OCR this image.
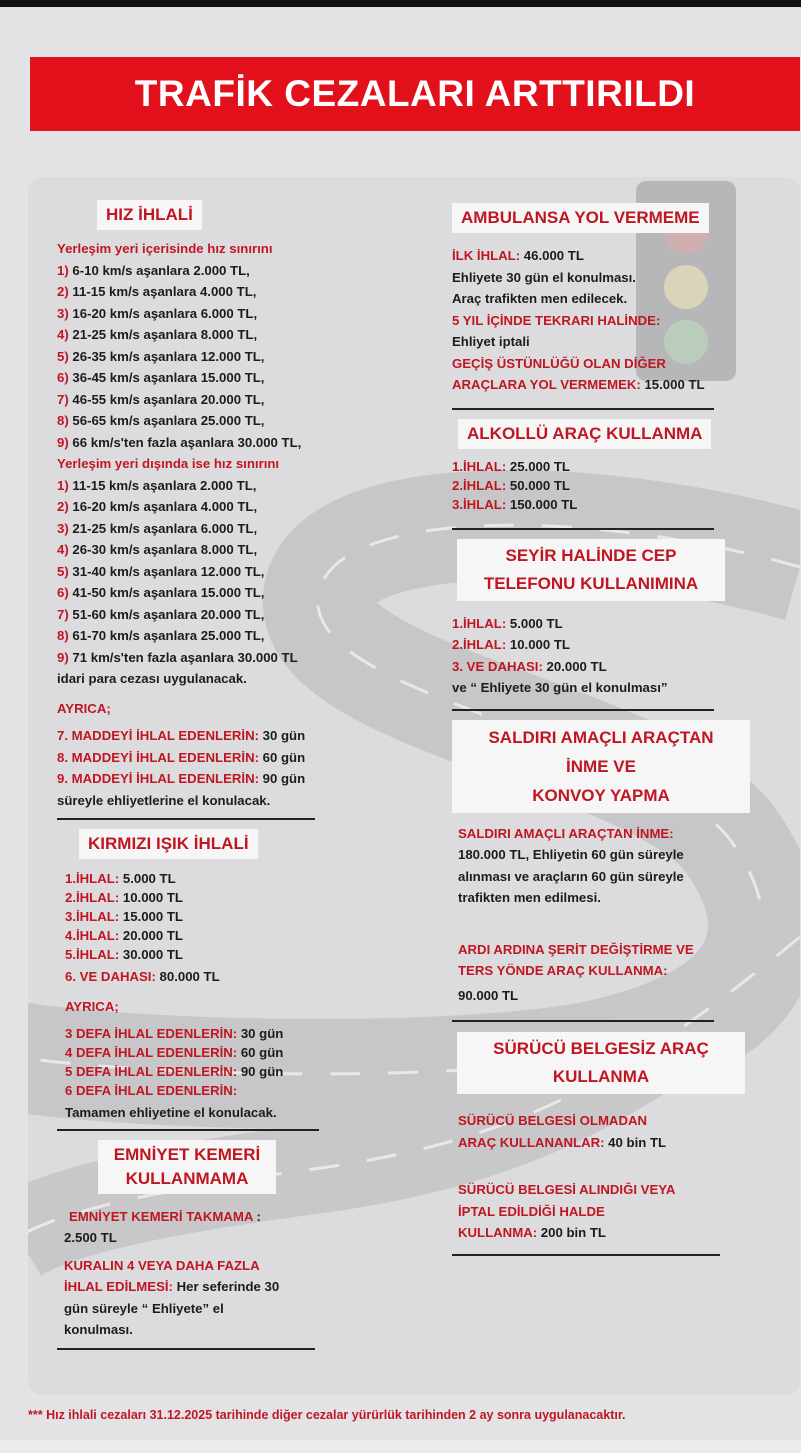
TRAFİK CEZALARI ARTTIRILDI
HIZ İHLALİ
Yerleşim yeri içerisinde hız sınırını
1) 6-10 km/s aşanlara 2.000 TL,
2) 11-15 km/s aşanlara 4.000 TL,
3) 16-20 km/s aşanlara 6.000 TL,
4) 21-25 km/s aşanlara 8.000 TL,
5) 26-35 km/s aşanlara 12.000 TL,
6) 36-45 km/s aşanlara 15.000 TL,
7) 46-55 km/s aşanlara 20.000 TL,
8) 56-65 km/s aşanlara 25.000 TL,
9) 66 km/s'ten fazla aşanlara 30.000 TL,
Yerleşim yeri dışında ise hız sınırını
1) 11-15 km/s aşanlara 2.000 TL,
2) 16-20 km/s aşanlara 4.000 TL,
3) 21-25 km/s aşanlara 6.000 TL,
4) 26-30 km/s aşanlara 8.000 TL,
5) 31-40 km/s aşanlara 12.000 TL,
6) 41-50 km/s aşanlara 15.000 TL,
7) 51-60 km/s aşanlara 20.000 TL,
8) 61-70 km/s aşanlara 25.000 TL,
9) 71 km/s'ten fazla aşanlara 30.000 TL
idari para cezası uygulanacak.
AYRICA;
7. MADDEYİ İHLAL EDENLERİN: 30 gün
8. MADDEYİ İHLAL EDENLERİN: 60 gün
9. MADDEYİ İHLAL EDENLERİN: 90 gün
süreyle ehliyetlerine el konulacak.
KIRMIZI IŞIK İHLALİ
1.İHLAL: 5.000 TL
2.İHLAL: 10.000 TL
3.İHLAL: 15.000 TL
4.İHLAL: 20.000 TL
5.İHLAL: 30.000 TL
6. VE DAHASI: 80.000 TL
AYRICA;
3 DEFA İHLAL EDENLERİN: 30 gün
4 DEFA İHLAL EDENLERİN: 60 gün
5 DEFA İHLAL EDENLERİN: 90 gün
6 DEFA İHLAL EDENLERİN:
Tamamen ehliyetine el konulacak.
EMNİYET KEMERİ
KULLANMAMA
EMNİYET KEMERİ TAKMAMA :
2.500 TL
KURALIN 4 VEYA DAHA FAZLA
İHLAL EDİLMESİ: Her seferinde 30
gün süreyle “ Ehliyete” el
konulması.
AMBULANSA YOL VERMEME
İLK İHLAL: 46.000 TL
Ehliyete 30 gün el konulması.
Araç trafikten men edilecek.
5 YIL İÇİNDE TEKRARI HALİNDE:
Ehliyet iptali
GEÇİŞ ÜSTÜNLÜĞÜ OLAN DİĞER
ARAÇLARA YOL VERMEMEK: 15.000 TL
ALKOLLÜ ARAÇ KULLANMA
1.İHLAL: 25.000 TL
2.İHLAL: 50.000 TL
3.İHLAL: 150.000 TL
SEYİR HALİNDE CEP
TELEFONU KULLANIMINA
1.İHLAL: 5.000 TL
2.İHLAL: 10.000 TL
3. VE DAHASI: 20.000 TL
ve “ Ehliyete 30 gün el konulması”
SALDIRI AMAÇLI ARAÇTAN
İNME VE
KONVOY YAPMA
SALDIRI AMAÇLI ARAÇTAN İNME:
180.000 TL, Ehliyetin 60 gün süreyle
alınması ve araçların 60 gün süreyle
trafikten men edilmesi.
ARDI ARDINA ŞERİT DEĞİŞTİRME VE
TERS YÖNDE ARAÇ KULLANMA:
90.000 TL
SÜRÜCÜ BELGESİZ ARAÇ
KULLANMA
SÜRÜCÜ BELGESİ OLMADAN
ARAÇ KULLANANLAR: 40 bin TL
SÜRÜCÜ BELGESİ ALINDIĞI VEYA
İPTAL EDİLDİĞİ HALDE
KULLANMA: 200 bin TL
*** Hız ihlali cezaları 31.12.2025 tarihinde diğer cezalar yürürlük tarihinden 2 ay sonra uygulanacaktır.
